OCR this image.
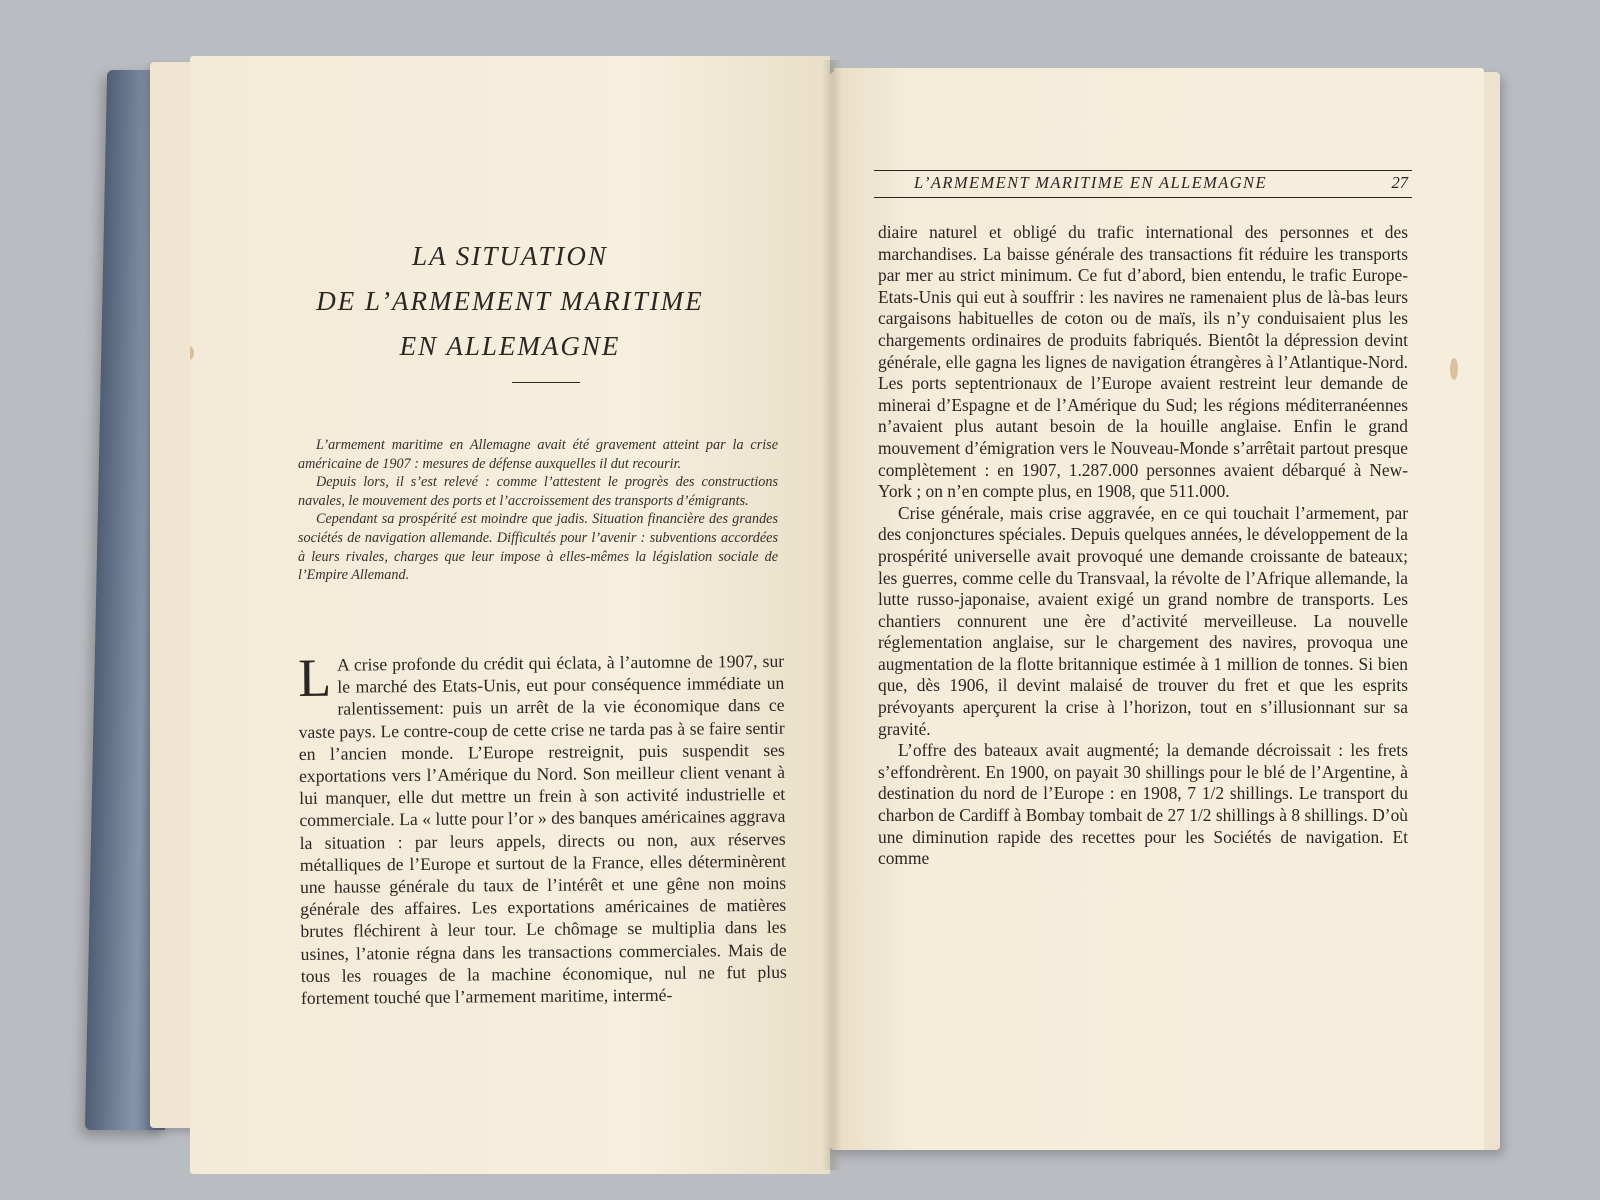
LA SITUATION
DE L’ARMEMENT MARITIME
EN ALLEMAGNE

L’armement maritime en Allemagne avait été gravement atteint par la crise américaine de 1907 : mesures de défense auxquelles il dut recourir.

Depuis lors, il s’est relevé : comme l’attestent le progrès des constructions navales, le mouvement des ports et l’accroissement des transports d’émigrants.

Cependant sa prospérité est moindre que jadis. Situation financière des grandes sociétés de navigation allemande. Difficultés pour l’avenir : subventions accordées à leurs rivales, charges que leur impose à elles-mêmes la législation sociale de l’Empire Allemand.

L A crise profonde du crédit qui éclata, à l’automne de 1907, sur le marché des Etats-Unis, eut pour conséquence immédiate un ralentissement: puis un arrêt de la vie économique dans ce vaste pays. Le contre-coup de cette crise ne tarda pas à se faire sentir en l’ancien monde. L’Europe restreignit, puis suspendit ses exportations vers l’Amérique du Nord. Son meilleur client venant à lui manquer, elle dut mettre un frein à son activité industrielle et commerciale. La « lutte pour l’or » des banques américaines aggrava la situation : par leurs appels, directs ou non, aux réserves métalliques de l’Europe et surtout de la France, elles déterminèrent une hausse générale du taux de l’intérêt et une gêne non moins générale des affaires. Les exportations américaines de matières brutes fléchirent à leur tour. Le chômage se multiplia dans les usines, l’atonie régna dans les transactions commerciales. Mais de tous les rouages de la machine économique, nul ne fut plus fortement touché que l’armement maritime, intermé-

L’ARMEMENT MARITIME EN ALLEMAGNE	27

diaire naturel et obligé du trafic international des personnes et des marchandises. La baisse générale des transactions fit réduire les transports par mer au strict minimum. Ce fut d’abord, bien entendu, le trafic Europe-Etats-Unis qui eut à souffrir : les navires ne ramenaient plus de là-bas leurs cargaisons habituelles de coton ou de maïs, ils n’y conduisaient plus les chargements ordinaires de produits fabriqués. Bientôt la dépression devint générale, elle gagna les lignes de navigation étrangères à l’Atlantique-Nord. Les ports septentrionaux de l’Europe avaient restreint leur demande de minerai d’Espagne et de l’Amérique du Sud; les régions méditerranéennes n’avaient plus autant besoin de la houille anglaise. Enfin le grand mouvement d’émigration vers le Nouveau-Monde s’arrêtait partout presque complètement : en 1907, 1.287.000 personnes avaient débarqué à New-York ; on n’en compte plus, en 1908, que 511.000.

Crise générale, mais crise aggravée, en ce qui touchait l’armement, par des conjonctures spéciales. Depuis quelques années, le développement de la prospérité universelle avait provoqué une demande croissante de bateaux; les guerres, comme celle du Transvaal, la révolte de l’Afrique allemande, la lutte russo-japonaise, avaient exigé un grand nombre de transports. Les chantiers connurent une ère d’activité merveilleuse. La nouvelle réglementation anglaise, sur le chargement des navires, provoqua une augmentation de la flotte britannique estimée à 1 million de tonnes. Si bien que, dès 1906, il devint malaisé de trouver du fret et que les esprits prévoyants aperçurent la crise à l’horizon, tout en s’illusionnant sur sa gravité.

L’offre des bateaux avait augmenté; la demande décroissait : les frets s’effondrèrent. En 1900, on payait 30 shillings pour le blé de l’Argentine, à destination du nord de l’Europe : en 1908, 7 1/2 shillings. Le transport du charbon de Cardiff à Bombay tombait de 27 1/2 shillings à 8 shillings. D’où une diminution rapide des recettes pour les Sociétés de navigation. Et comme
